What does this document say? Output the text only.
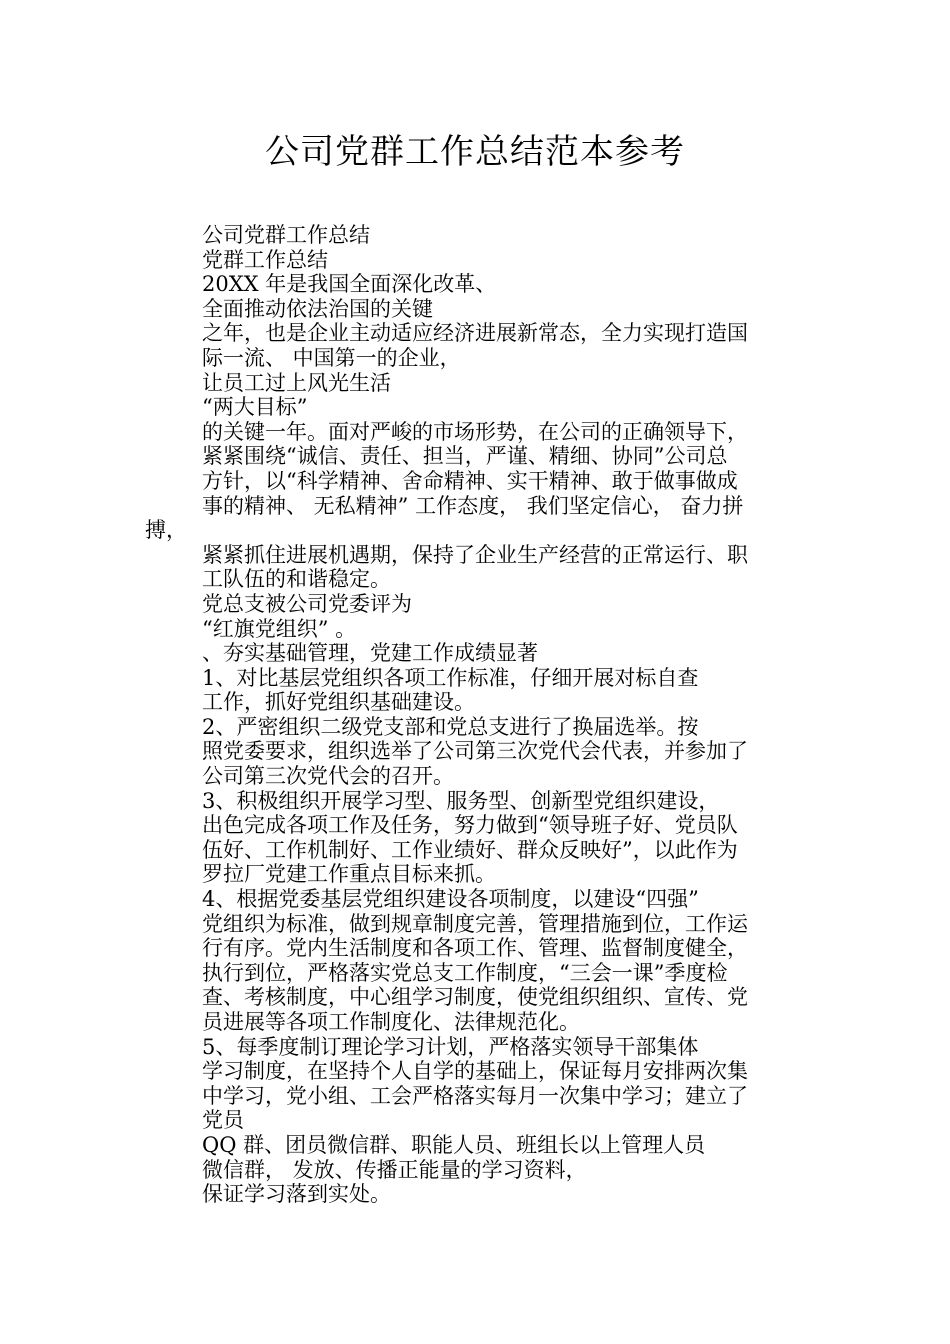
公司党群工作总结范本参考
公司党群工作总结
党群工作总结
20XX 年是我国全面深化改革、
全面推动依法治国的关键
之年，也是企业主动适应经济进展新常态，全力实现打造国
际一流、 中国第一的企业，
让员工过上风光生活
“两大目标”
的关键一年。面对严峻的市场形势，在公司的正确领导下，
紧紧围绕“诚信、责任、担当，严谨、精细、协同”公司总
方针，以“科学精神、舍命精神、实干精神、敢于做事做成
事的精神、 无私精神” 工作态度， 我们坚定信心， 奋力拼
搏，
紧紧抓住进展机遇期，保持了企业生产经营的正常运行、职
工队伍的和谐稳定。
党总支被公司党委评为
“红旗党组织” 。
、夯实基础管理，党建工作成绩显著
1、对比基层党组织各项工作标准，仔细开展对标自查
工作，抓好党组织基础建设。
2、严密组织二级党支部和党总支进行了换届选举。按
照党委要求，组织选举了公司第三次党代会代表，并参加了
公司第三次党代会的召开。
3、积极组织开展学习型、服务型、创新型党组织建设，
出色完成各项工作及任务，努力做到“领导班子好、党员队
伍好、工作机制好、工作业绩好、群众反映好”，以此作为
罗拉厂党建工作重点目标来抓。
4、根据党委基层党组织建设各项制度，以建设“四强”
党组织为标准，做到规章制度完善，管理措施到位，工作运
行有序。党内生活制度和各项工作、管理、监督制度健全，
执行到位，严格落实党总支工作制度，“三会一课”季度检
查、考核制度，中心组学习制度，使党组织组织、宣传、党
员进展等各项工作制度化、法律规范化。
5、每季度制订理论学习计划，严格落实领导干部集体
学习制度，在坚持个人自学的基础上，保证每月安排两次集
中学习，党小组、工会严格落实每月一次集中学习；建立了
党员
QQ 群、团员微信群、职能人员、班组长以上管理人员
微信群， 发放、传播正能量的学习资料，
保证学习落到实处。
